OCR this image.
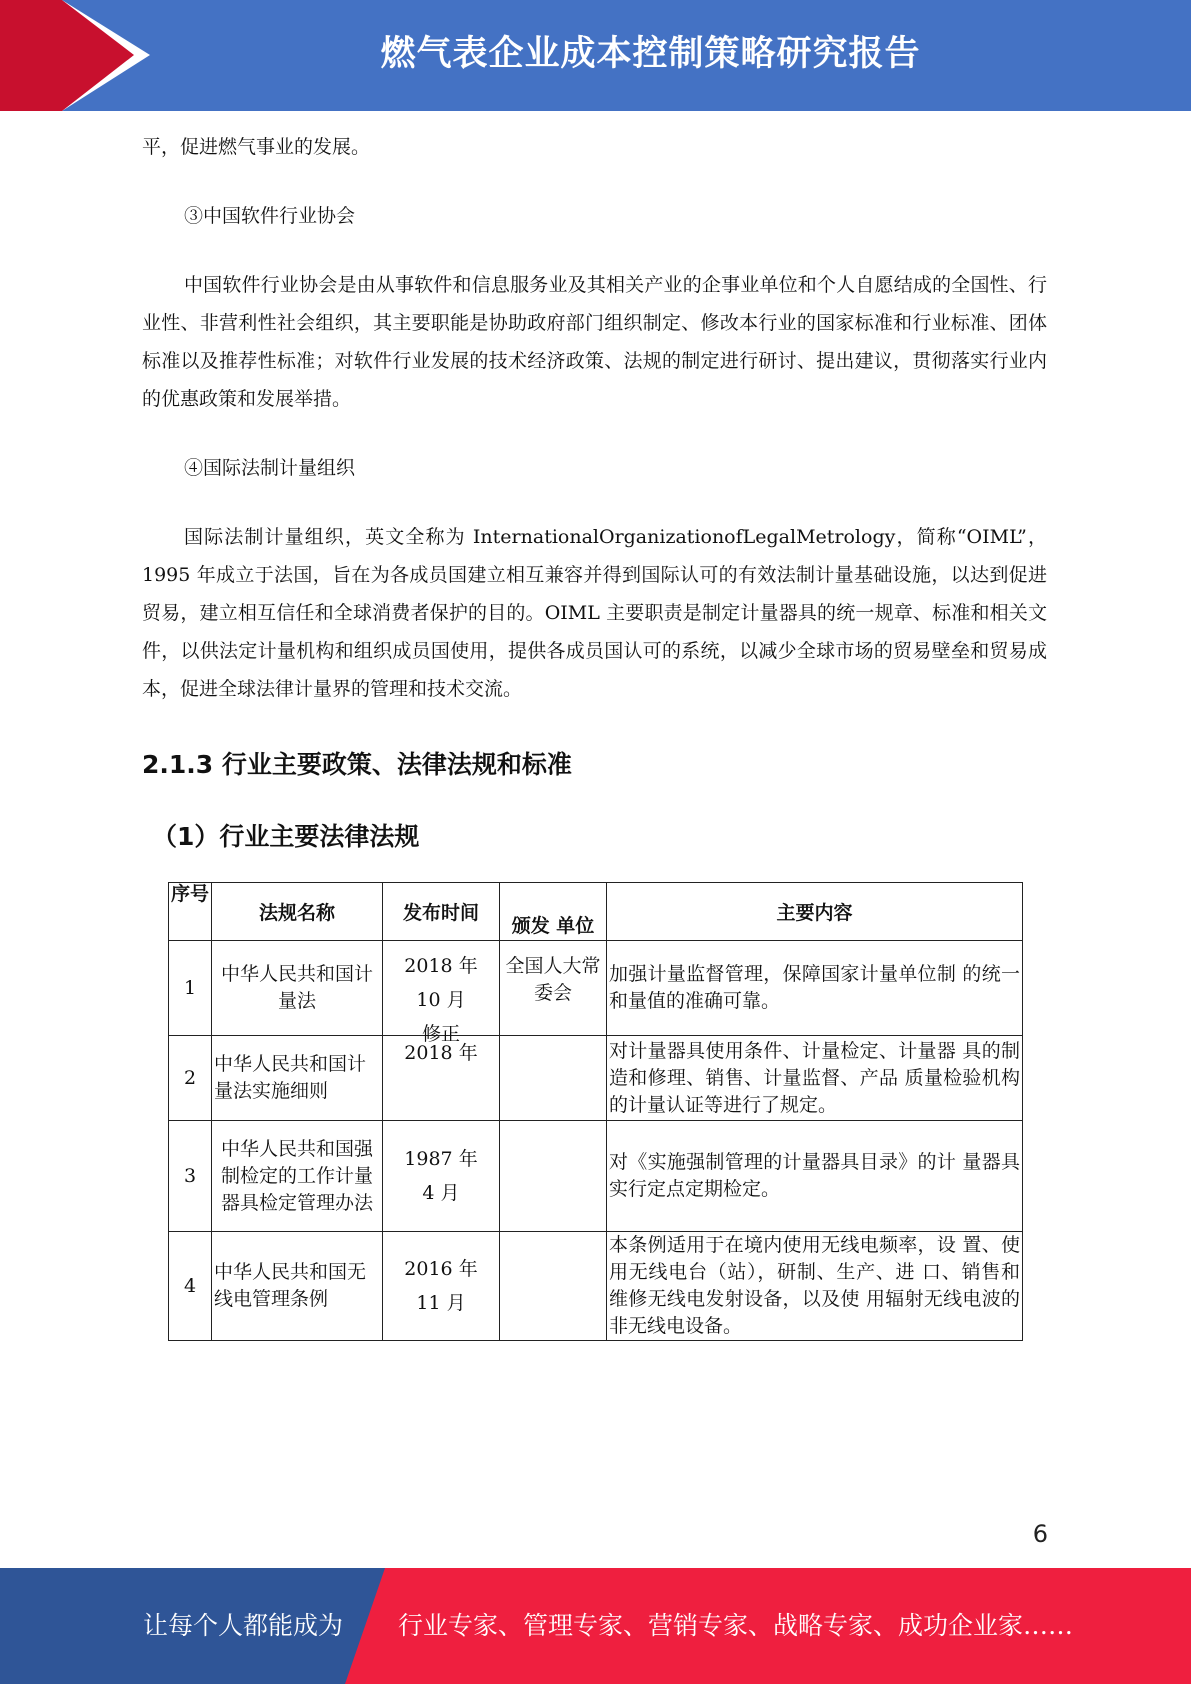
燃气表企业成本控制策略研究报告

平，促进燃气事业的发展。

③中国软件行业协会

中国软件行业协会是由从事软件和信息服务业及其相关产业的企事业单位和个人自愿结成的全国性、行业性、非营利性社会组织，其主要职能是协助政府部门组织制定、修改本行业的国家标准和行业标准、团体标准以及推荐性标准；对软件行业发展的技术经济政策、法规的制定进行研讨、提出建议，贯彻落实行业内的优惠政策和发展举措。

④国际法制计量组织

国际法制计量组织，英文全称为 InternationalOrganizationofLegalMetrology，简称“OIML”，1995 年成立于法国，旨在为各成员国建立相互兼容并得到国际认可的有效法制计量基础设施，以达到促进贸易，建立相互信任和全球消费者保护的目的。OIML 主要职责是制定计量器具的统一规章、标准和相关文件，以供法定计量机构和组织成员国使用，提供各成员国认可的系统，以减少全球市场的贸易壁垒和贸易成本，促进全球法律计量界的管理和技术交流。

2.1.3 行业主要政策、法律法规和标准
（1）行业主要法律法规
序号	法规名称	发布时间	颁发 单位	主要内容
1	中华人民共和国计量法	2018 年
10 月
修正	全国人大常委会	加强计量监督管理，保障国家计量单位制 的统一和量值的准确可靠。
2	中华人民共和国计量法实施细则	2018 年		对计量器具使用条件、计量检定、计量器 具的制造和修理、销售、计量监督、产品 质量检验机构的计量认证等进行了规定。
3	中华人民共和国强制检定的工作计量器具检定管理办法	1987 年
4 月		对《实施强制管理的计量器具目录》的计 量器具实行定点定期检定。
4	中华人民共和国无线电管理条例	2016 年
11 月		本条例适用于在境内使用无线电频率，设 置、使用无线电台（站），研制、生产、进 口、销售和维修无线电发射设备，以及使 用辐射无线电波的非无线电设备。
6
让每个人都能成为 行业专家、管理专家、营销专家、战略专家、成功企业家……
